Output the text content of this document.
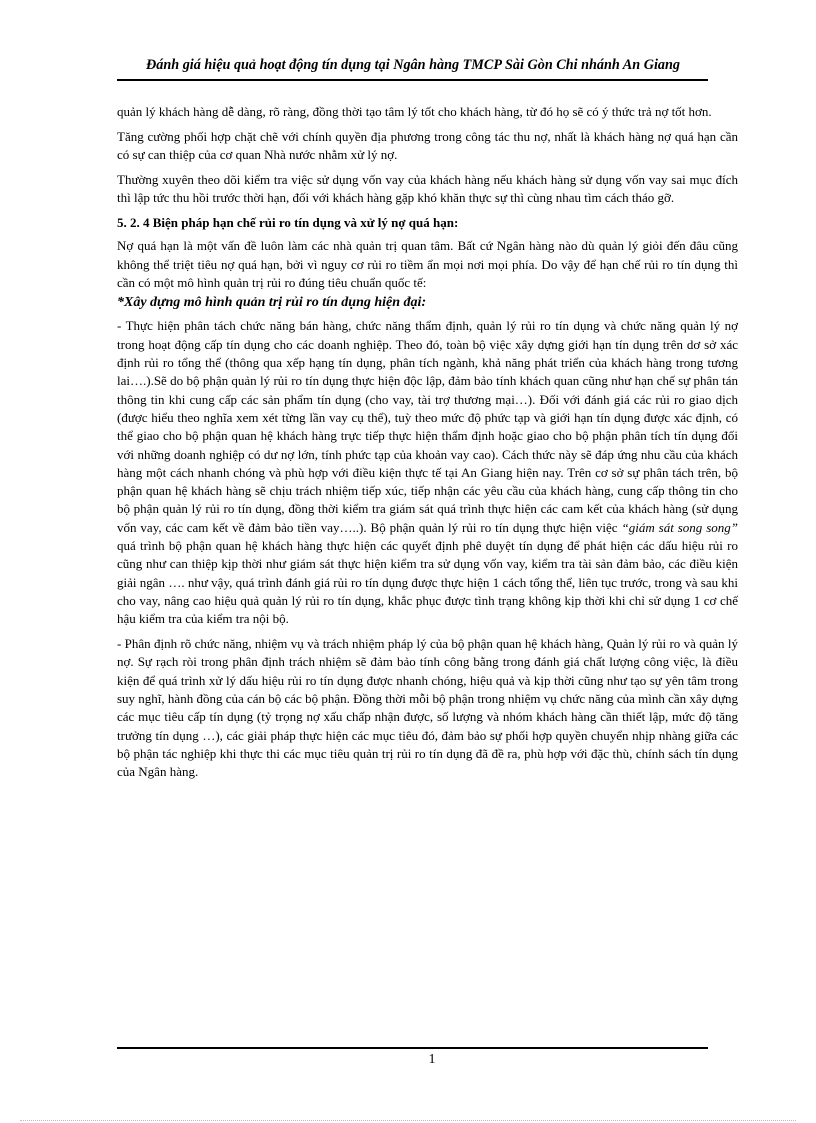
Đánh giá hiệu quả hoạt động tín dụng tại Ngân hàng TMCP Sài Gòn Chi nhánh An Giang

quản lý khách hàng dễ dàng, rõ ràng, đồng thời tạo tâm lý tốt cho khách hàng, từ đó họ sẽ có ý thức trả nợ tốt hơn.

Tăng cường phối hợp chặt chẽ với chính quyền địa phương trong công tác thu nợ, nhất là khách hàng nợ quá hạn cần có sự can thiệp của cơ quan Nhà nước nhằm xử lý nợ.

Thường xuyên theo dõi kiểm tra việc sử dụng vốn vay của khách hàng nếu khách hàng sử dụng vốn vay sai mục đích thì lập tức thu hồi trước thời hạn, đối với khách hàng gặp khó khăn thực sự thì cùng nhau tìm cách tháo gỡ.

5. 2. 4 Biện pháp hạn chế rủi ro tín dụng và xử lý nợ quá hạn:

Nợ quá hạn là một vấn đề luôn làm các nhà quản trị quan tâm. Bất cứ Ngân hàng nào dù quản lý giỏi đến đâu cũng không thể triệt tiêu nợ quá hạn, bởi vì nguy cơ rủi ro tiềm ẩn mọi nơi mọi phía. Do vậy để hạn chế rủi ro tín dụng thì cần có một mô hình quản trị rủi ro đúng tiêu chuẩn quốc tế:

*Xây dựng mô hình quản trị rủi ro tín dụng hiện đại:

- Thực hiện phân tách chức năng bán hàng, chức năng thẩm định, quản lý rủi ro tín dụng và chức năng quản lý nợ trong hoạt động cấp tín dụng cho các doanh nghiệp. Theo đó, toàn bộ việc xây dựng giới hạn tín dụng trên dơ sở xác định rủi ro tổng thể (thông qua xếp hạng tín dụng, phân tích ngành, khả năng phát triển của khách hàng trong tương lai….).Sẽ do bộ phận quản lý rủi ro tín dụng thực hiện độc lập, đảm bảo tính khách quan cũng như hạn chế sự phân tán thông tin khi cung cấp các sản phẩm tín dụng (cho vay, tài trợ thương mại…). Đối với đánh giá các rủi ro giao dịch (được hiểu theo nghĩa xem xét từng lần vay cụ thể), tuỳ theo mức độ phức tạp và giới hạn tín dụng được xác định, có thể giao cho bộ phận quan hệ khách hàng trực tiếp thực hiện thẩm định hoặc giao cho bộ phận phân tích tín dụng đối với những doanh nghiệp có dư nợ lớn, tính phức tạp của khoản vay cao). Cách thức này sẽ đáp ứng nhu cầu của khách hàng một cách nhanh chóng và phù hợp với điều kiện thực tế tại An Giang hiện nay. Trên cơ sở sự phân tách trên, bộ phận quan hệ khách hàng sẽ chịu trách nhiệm tiếp xúc, tiếp nhận các yêu cầu của khách hàng, cung cấp thông tin cho bộ phận quản lý rủi ro tín dụng, đồng thời kiểm tra giám sát quá trình thực hiện các cam kết của khách hàng (sử dụng vốn vay, các cam kết về đảm bảo tiền vay…..). Bộ phận quản lý rủi ro tín dụng thực hiện việc “giám sát song song” quá trình bộ phận quan hệ khách hàng thực hiện các quyết định phê duyệt tín dụng để phát hiện các dấu hiệu rủi ro cũng như can thiệp kịp thời như giám sát thực hiện kiểm tra sử dụng vốn vay, kiểm tra tài sản đảm bảo, các điều kiện giải ngân …. như vậy, quá trình đánh giá rủi ro tín dụng được thực hiện 1 cách tổng thể, liên tục trước, trong và sau khi cho vay, nâng cao hiệu quả quản lý rủi ro tín dụng, khắc phục được tình trạng không kịp thời khi chỉ sử dụng 1 cơ chế hậu kiểm tra của kiểm tra nội bộ.

- Phân định rõ chức năng, nhiệm vụ và trách nhiệm pháp lý của bộ phận quan hệ khách hàng, Quản lý rủi ro và quản lý nợ. Sự rạch ròi trong phân định trách nhiệm sẽ đảm bảo tính công bằng trong đánh giá chất lượng công việc, là điều kiện để quá trình xử lý dấu hiệu rủi ro tín dụng được nhanh chóng, hiệu quả và kịp thời cũng như tạo sự yên tâm trong suy nghĩ, hành đồng của cán bộ các bộ phận. Đồng thời mỗi bộ phận trong nhiệm vụ chức năng của mình cần xây dựng các mục tiêu cấp tín dụng (tỷ trọng nợ xấu chấp nhận được, số lượng và nhóm khách hàng cần thiết lập, mức độ tăng trưởng tín dụng …), các giải pháp thực hiện các mục tiêu đó, đảm bảo sự phối hợp quyền chuyển nhịp nhàng giữa các bộ phận tác nghiệp khi thực thi các mục tiêu quản trị rủi ro tín dụng đã đề ra, phù hợp với đặc thù, chính sách tín dụng của Ngân hàng.

1
